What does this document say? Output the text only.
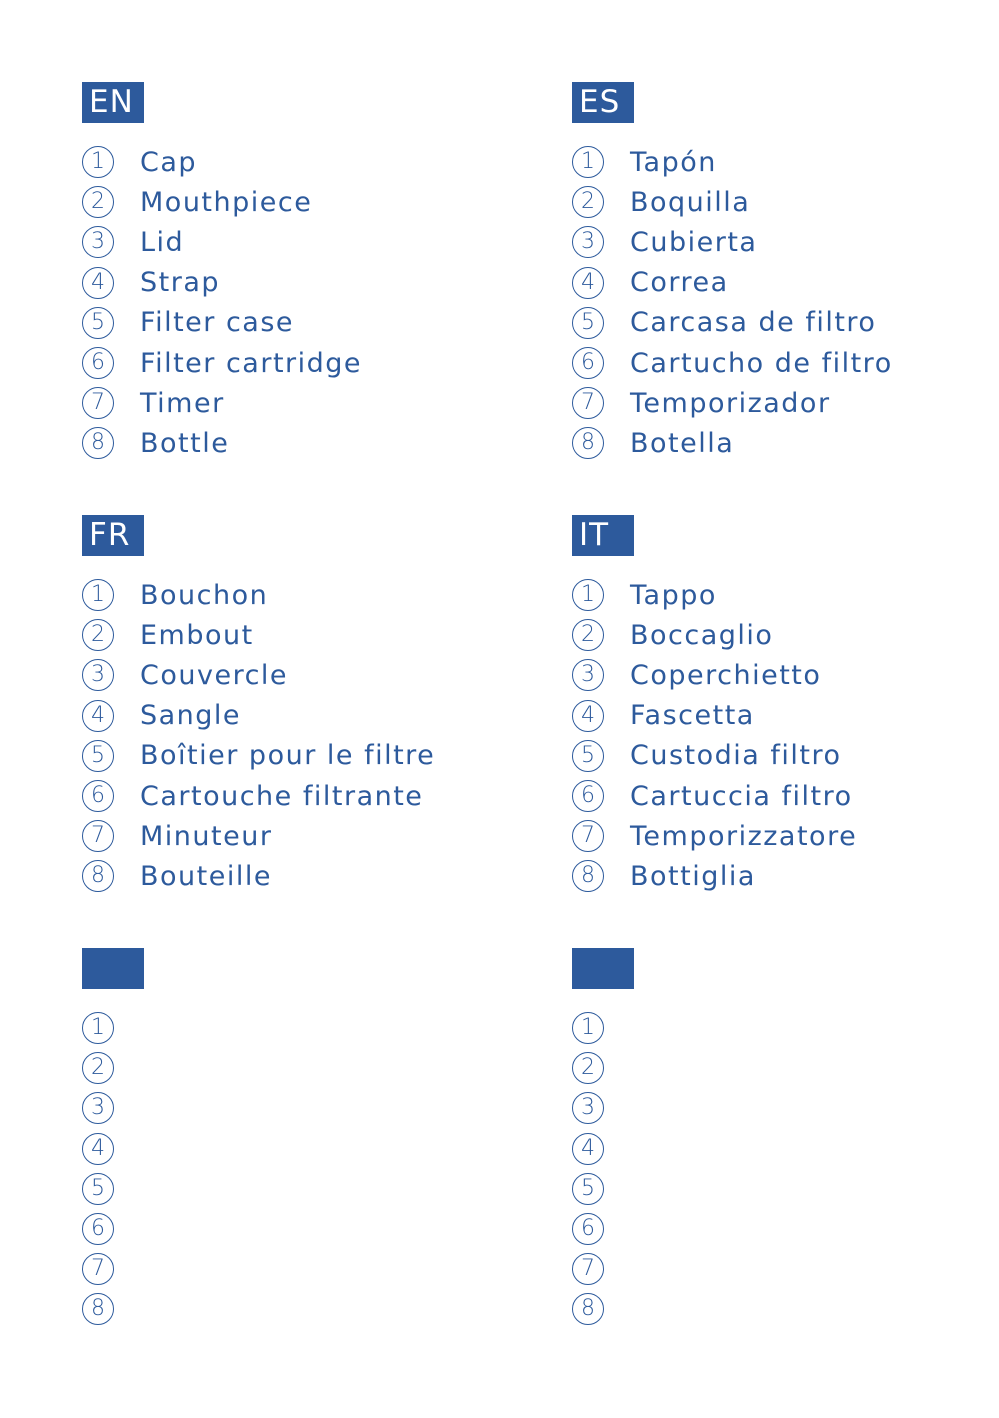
EN
1	Cap
2	Mouthpiece
3	Lid
4	Strap
5	Filter case
6	Filter cartridge
7	Timer
8	Bottle
ES
1	Tapón
2	Boquilla
3	Cubierta
4	Correa
5	Carcasa de filtro
6	Cartucho de filtro
7	Temporizador
8	Botella
FR
1	Bouchon
2	Embout
3	Couvercle
4	Sangle
5	Boîtier pour le filtre
6	Cartouche filtrante
7	Minuteur
8	Bouteille
IT
1	Tappo
2	Boccaglio
3	Coperchietto
4	Fascetta
5	Custodia filtro
6	Cartuccia filtro
7	Temporizzatore
8	Bottiglia
1
2
3
4
5
6
7
8
1
2
3
4
5
6
7
8
